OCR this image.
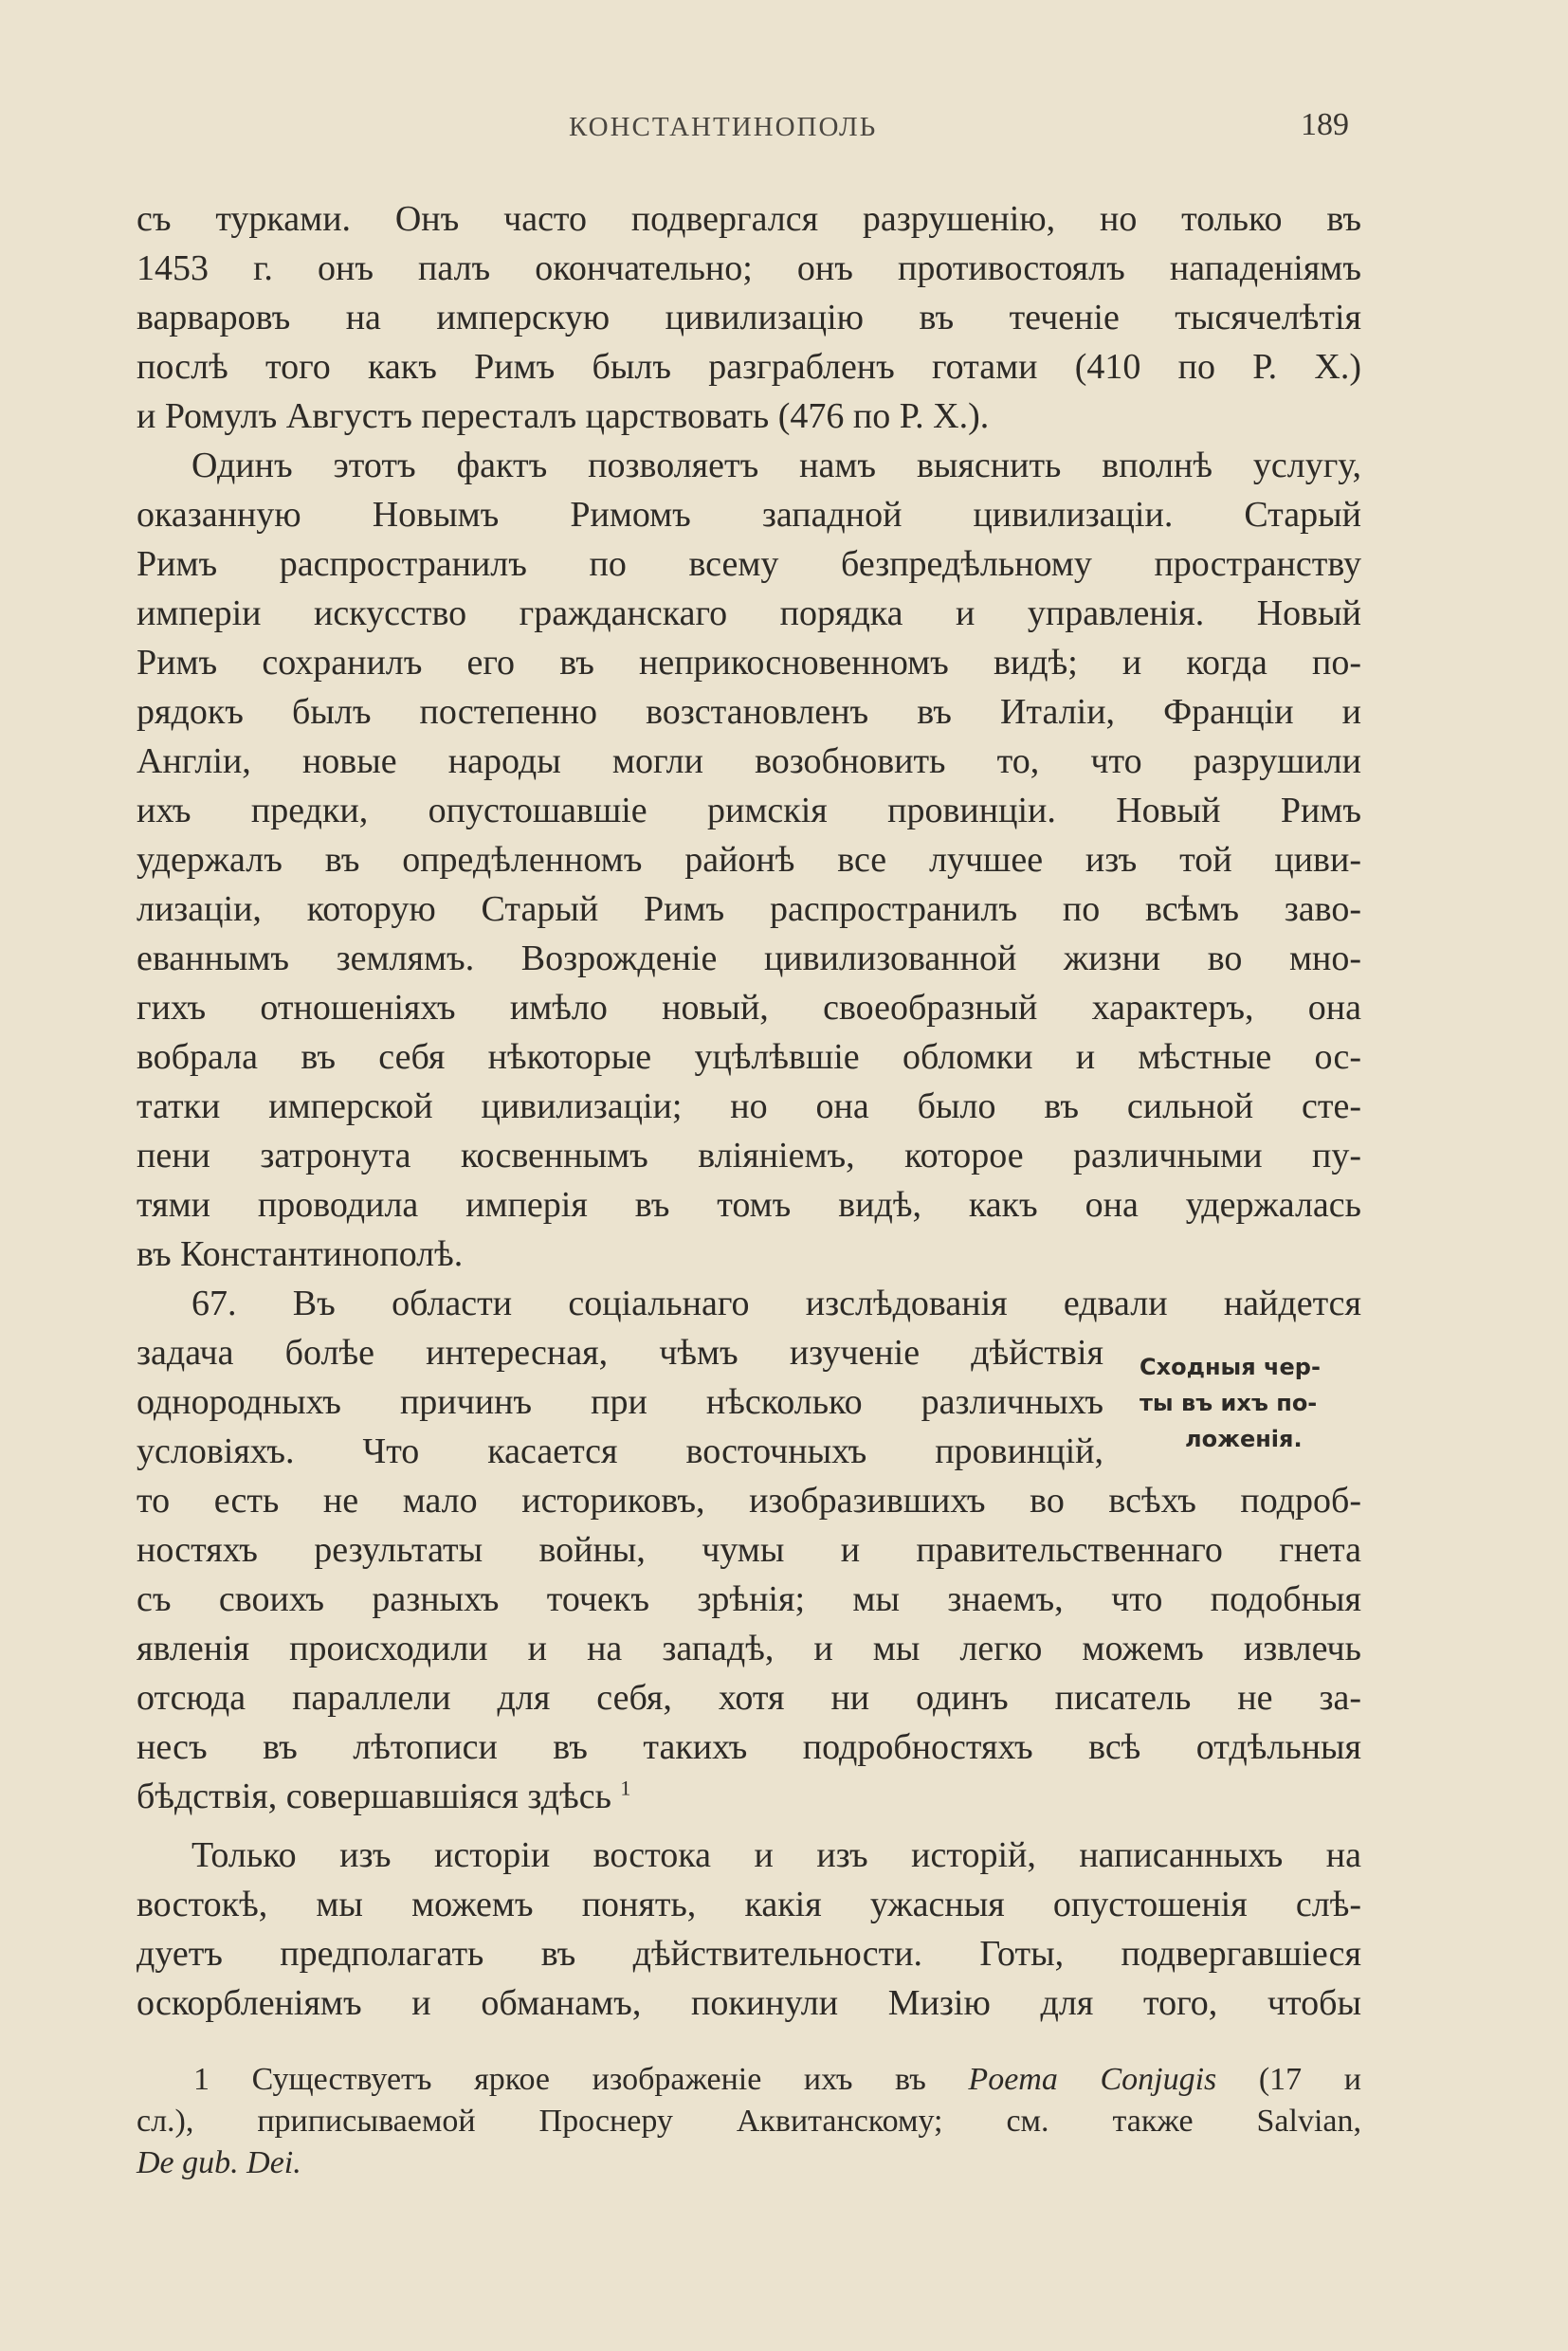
КОНСТАНТИНОПОЛЬ	189
съ турками. Онъ часто подвергался разрушенію, но только въ
1453 г. онъ палъ окончательно; онъ противостоялъ нападеніямъ
варваровъ на имперскую цивилизацію въ теченіе тысячелѣтія
послѣ того какъ Римъ былъ разграбленъ готами (410 по Р. Х.)
и Ромулъ Августъ пересталъ царствовать (476 по Р. Х.).
Одинъ этотъ фактъ позволяетъ намъ выяснить вполнѣ услугу,
оказанную Новымъ Римомъ западной цивилизаціи. Старый
Римъ распространилъ по всему безпредѣльному пространству
имперіи искусство гражданскаго порядка и управленія. Новый
Римъ сохранилъ его въ неприкосновенномъ видѣ; и когда по-
рядокъ былъ постепенно возстановленъ въ Италіи, Франціи и
Англіи, новые народы могли возобновить то, что разрушили
ихъ предки, опустошавшіе римскія провинціи. Новый Римъ
удержалъ въ опредѣленномъ районѣ все лучшее изъ той циви-
лизаціи, которую Старый Римъ распространилъ по всѣмъ заво-
еваннымъ землямъ. Возрожденіе цивилизованной жизни во мно-
гихъ отношеніяхъ имѣло новый, своеобразный характеръ, она
вобрала въ себя нѣкоторые уцѣлѣвшіе обломки и мѣстные ос-
татки имперской цивилизаціи; но она было въ сильной сте-
пени затронута косвеннымъ вліяніемъ, которое различными пу-
тями проводила имперія въ томъ видѣ, какъ она удержалась
въ Константинополѣ.
67. Въ области соціальнаго изслѣдованія едвали найдется
задача болѣе интересная, чѣмъ изученіе дѣйствія
однородныхъ причинъ при нѣсколько различныхъ
условіяхъ. Что касается восточныхъ провинцій,
то есть не мало историковъ, изобразившихъ во всѣхъ подроб-
ностяхъ результаты войны, чумы и правительственнаго гнета
съ своихъ разныхъ точекъ зрѣнія; мы знаемъ, что подобныя
явленія происходили и на западѣ, и мы легко можемъ извлечь
отсюда параллели для себя, хотя ни одинъ писатель не за-
несъ въ лѣтописи въ такихъ подробностяхъ всѣ отдѣльныя
бѣдствія, совершавшіяся здѣсь $^1$
Только изъ исторіи востока и изъ исторій, написанныхъ на
востокѣ, мы можемъ понять, какія ужасныя опустошенія слѣ-
дуетъ предполагать въ дѣйствительности. Готы, подвергавшіеся
оскорбленіямъ и обманамъ, покинули Мизію для того, чтобы
Сходныя чер-
ты въ ихъ по-
ложенія.
1 Существуетъ яркое изображеніе ихъ въ Poema Conjugis (17 и
сл.), приписываемой Проснеру Аквитанскому; см. также Salvian,
De gub. Dei.
